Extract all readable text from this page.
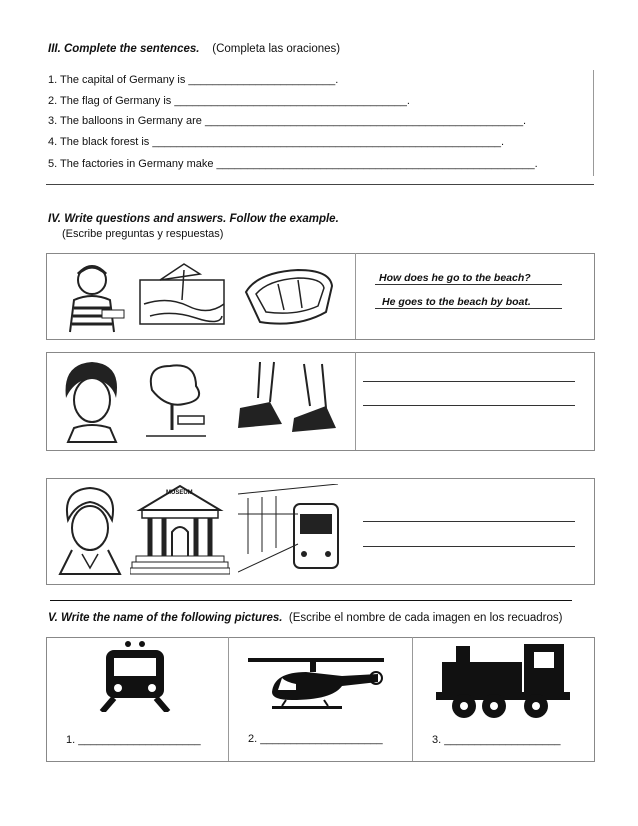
III. Complete the sentences. (Completa las oraciones)
1. The capital of Germany is ________________________.
2. The flag of Germany is ______________________________________.
3. The balloons in Germany are ____________________________________________________.
4. The black forest is _________________________________________________________.
5. The factories in Germany make ____________________________________________________.
IV. Write questions and answers. Follow the example.
(Escribe preguntas y respuestas)
How does he go to the beach?
He goes to the beach by boat.
MUSEUM
V. Write the name of the following pictures. (Escribe el nombre de cada imagen en los recuadros)
1. ____________________	2. ____________________	3. ___________________
